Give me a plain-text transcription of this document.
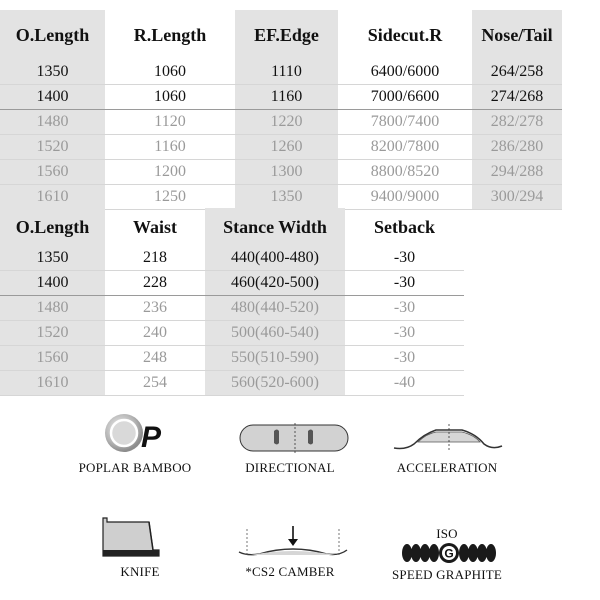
O.Length	R.Length	EF.Edge	Sidecut.R	Nose/Tail
1350	1060	1110	6400/6000	264/258
1400	1060	1160	7000/6600	274/268
1480	1120	1220	7800/7400	282/278
1520	1160	1260	8200/7800	286/280
1560	1200	1300	8800/8520	294/288
1610	1250	1350	9400/9000	300/294
O.Length	Waist	Stance Width	Setback
1350	218	440(400-480)	-30
1400	228	460(420-500)	-30
1480	236	480(440-520)	-30
1520	240	500(460-540)	-30
1560	248	550(510-590)	-30
1610	254	560(520-600)	-40
P
POPLAR BAMBOO	DIRECTIONAL	ACCELERATION
KNIFE	*CS2 CAMBER
ISO
G
SPEED GRAPHITE
